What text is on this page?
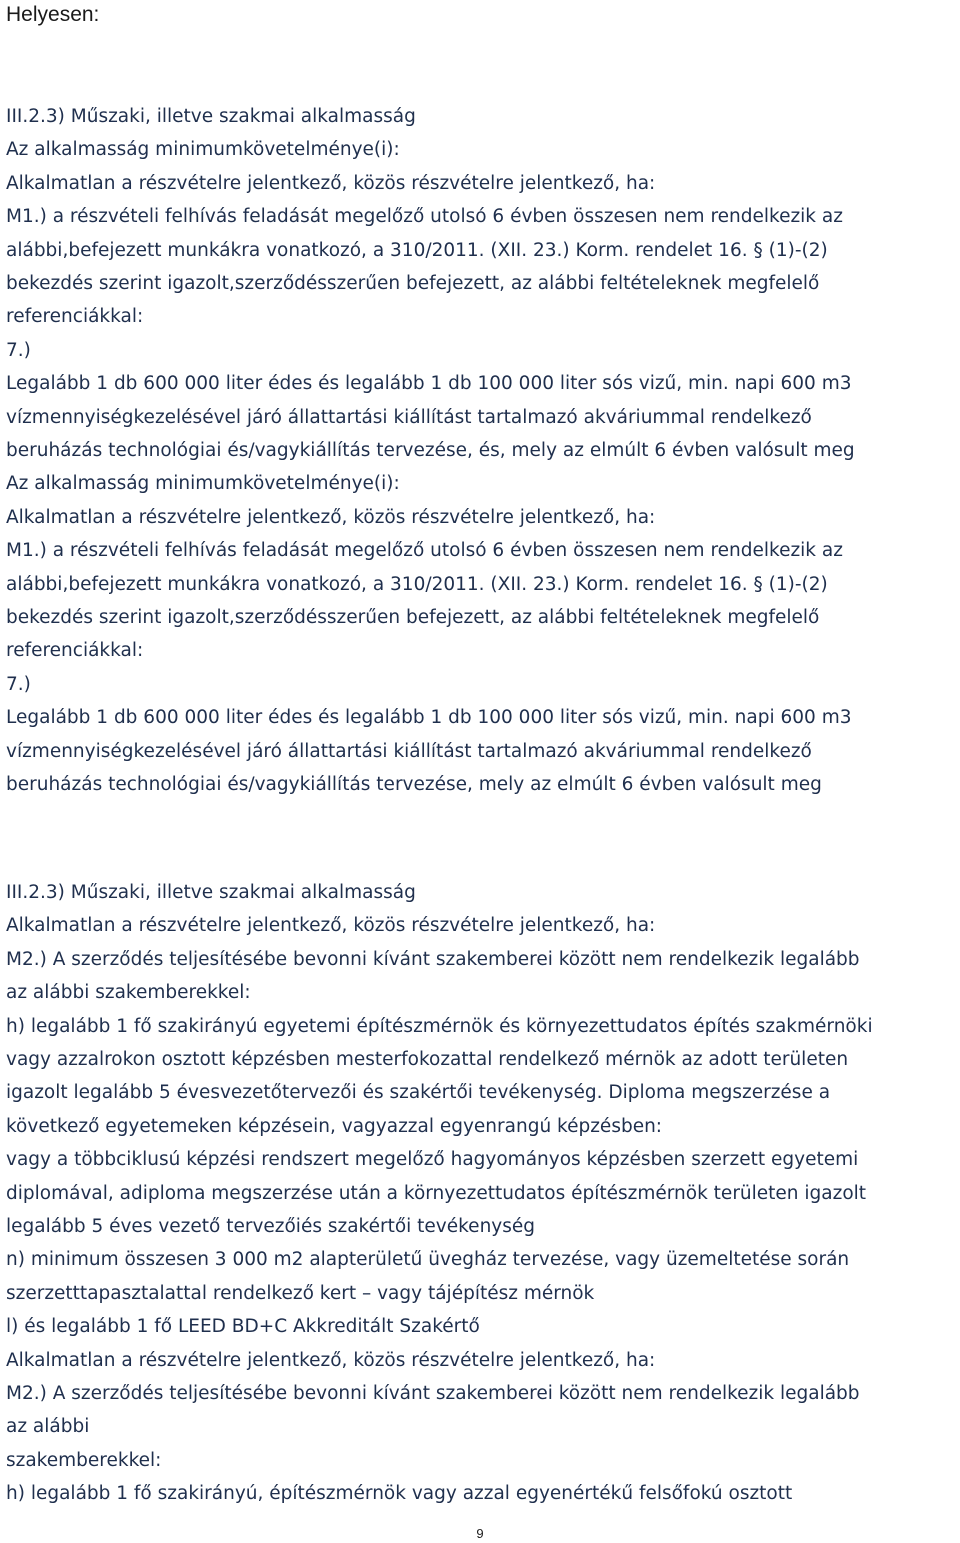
Helyesen:
III.2.3) Műszaki, illetve szakmai alkalmasság
Az alkalmasság minimumkövetelménye(i):
Alkalmatlan a részvételre jelentkező, közös részvételre jelentkező, ha:
M1.) a részvételi felhívás feladását megelőző utolsó 6 évben összesen nem rendelkezik az
alábbi,befejezett munkákra vonatkozó, a 310/2011. (XII. 23.) Korm. rendelet 16. § (1)-(2)
bekezdés szerint igazolt,szerződésszerűen befejezett, az alábbi feltételeknek megfelelő
referenciákkal:
7.)
Legalább 1 db 600 000 liter édes és legalább 1 db 100 000 liter sós vizű, min. napi 600 m3
vízmennyiségkezelésével járó állattartási kiállítást tartalmazó akváriummal rendelkező
beruházás technológiai és/vagykiállítás tervezése, és, mely az elmúlt 6 évben valósult meg
Az alkalmasság minimumkövetelménye(i):
Alkalmatlan a részvételre jelentkező, közös részvételre jelentkező, ha:
M1.) a részvételi felhívás feladását megelőző utolsó 6 évben összesen nem rendelkezik az
alábbi,befejezett munkákra vonatkozó, a 310/2011. (XII. 23.) Korm. rendelet 16. § (1)-(2)
bekezdés szerint igazolt,szerződésszerűen befejezett, az alábbi feltételeknek megfelelő
referenciákkal:
7.)
Legalább 1 db 600 000 liter édes és legalább 1 db 100 000 liter sós vizű, min. napi 600 m3
vízmennyiségkezelésével járó állattartási kiállítást tartalmazó akváriummal rendelkező
beruházás technológiai és/vagykiállítás tervezése, mely az elmúlt 6 évben valósult meg
III.2.3) Műszaki, illetve szakmai alkalmasság
Alkalmatlan a részvételre jelentkező, közös részvételre jelentkező, ha:
M2.) A szerződés teljesítésébe bevonni kívánt szakemberei között nem rendelkezik legalább
az alábbi szakemberekkel:
h) legalább 1 fő szakirányú egyetemi építészmérnök és környezettudatos építés szakmérnöki
vagy azzalrokon osztott képzésben mesterfokozattal rendelkező mérnök az adott területen
igazolt legalább 5 évesvezetőtervezői és szakértői tevékenység. Diploma megszerzése a
következő egyetemeken képzésein, vagyazzal egyenrangú képzésben:
vagy a többciklusú képzési rendszert megelőző hagyományos képzésben szerzett egyetemi
diplomával, adiploma megszerzése után a környezettudatos építészmérnök területen igazolt
legalább 5 éves vezető tervezőiés szakértői tevékenység
n) minimum összesen 3 000 m2 alapterületű üvegház tervezése, vagy üzemeltetése során
szerzetttapasztalattal rendelkező kert – vagy tájépítész mérnök
l) és legalább 1 fő LEED BD+C Akkreditált Szakértő
Alkalmatlan a részvételre jelentkező, közös részvételre jelentkező, ha:
M2.) A szerződés teljesítésébe bevonni kívánt szakemberei között nem rendelkezik legalább
az alábbi
szakemberekkel:
h) legalább 1 fő szakirányú, építészmérnök vagy azzal egyenértékű felsőfokú osztott
9
